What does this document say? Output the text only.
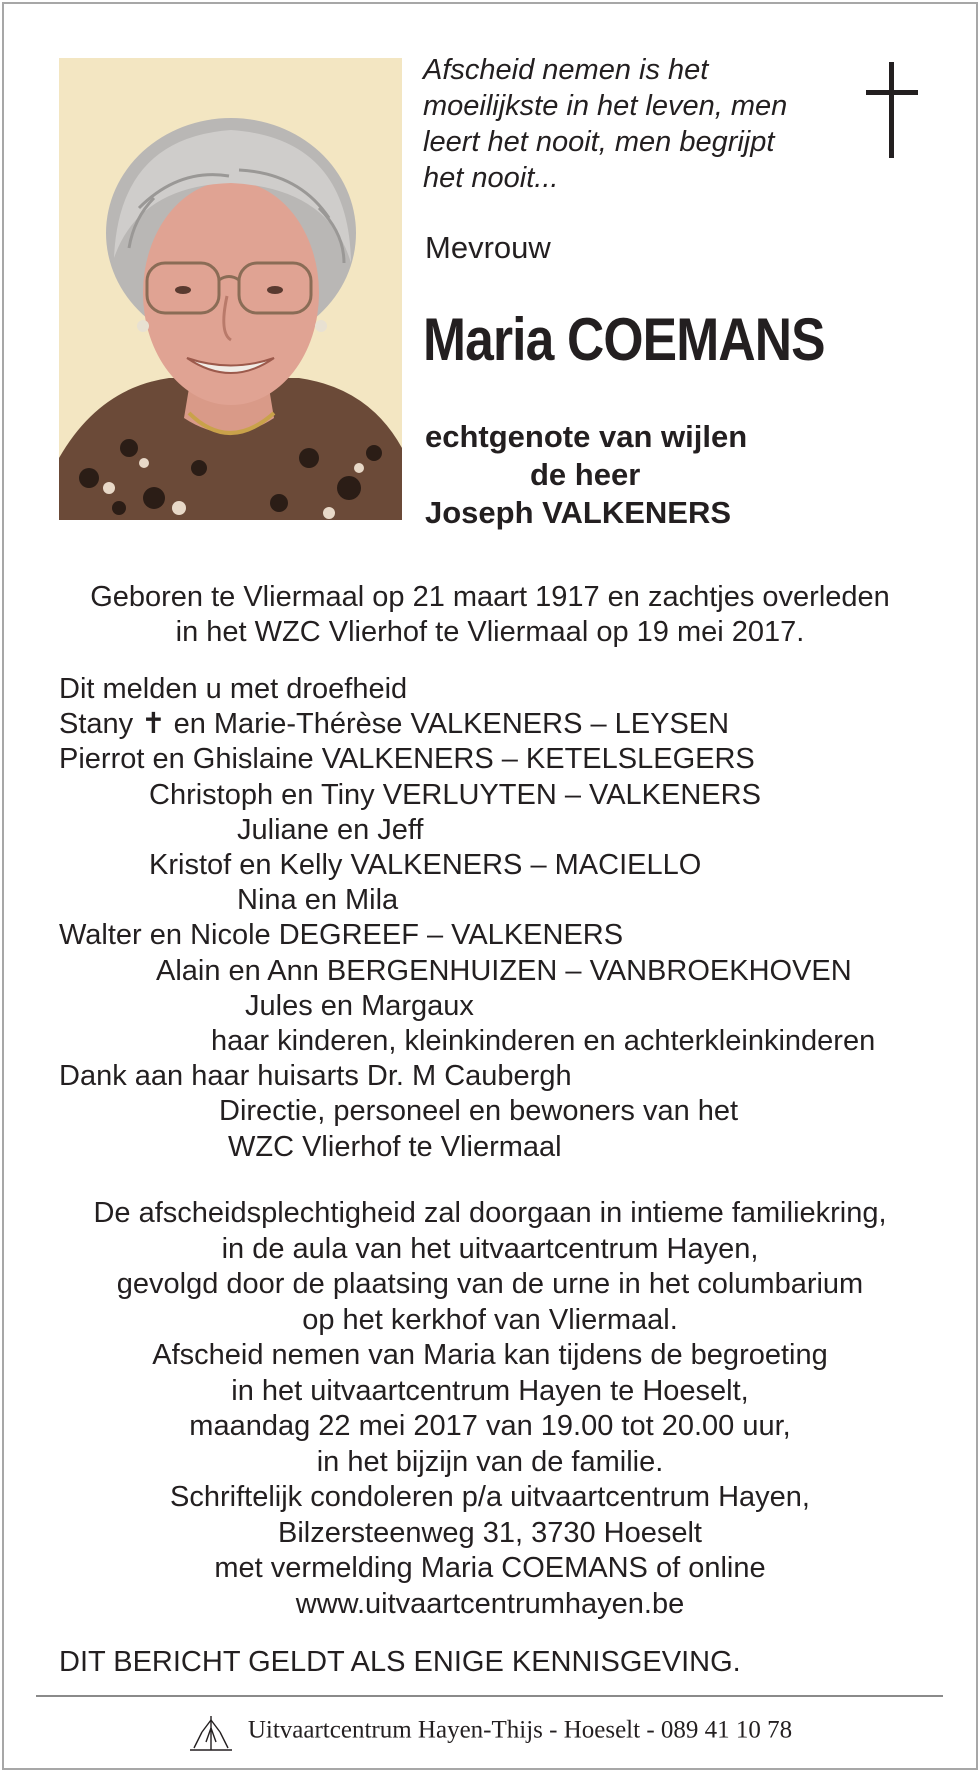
Afscheid nemen is het
moeilijkste in het leven, men
leert het nooit, men begrijpt
het nooit...
Mevrouw
Maria COEMANS
echtgenote van wijlen
de heer
Joseph VALKENERS
Geboren te Vliermaal op 21 maart 1917 en zachtjes overleden
in het WZC Vlierhof te Vliermaal op 19 mei 2017.
Dit melden u met droefheid
Stany ✝ en Marie-Thérèse VALKENERS – LEYSEN
Pierrot en Ghislaine VALKENERS – KETELSLEGERS
Christoph en Tiny VERLUYTEN – VALKENERS
Juliane en Jeff
Kristof en Kelly VALKENERS – MACIELLO
Nina en Mila
Walter en Nicole DEGREEF – VALKENERS
Alain en Ann BERGENHUIZEN – VANBROEKHOVEN
Jules en Margaux
haar kinderen, kleinkinderen en achterkleinkinderen
Dank aan haar huisarts Dr. M Caubergh
Directie, personeel en bewoners van het
WZC Vlierhof te Vliermaal
De afscheidsplechtigheid zal doorgaan in intieme familiekring,
in de aula van het uitvaartcentrum Hayen,
gevolgd door de plaatsing van de urne in het columbarium
op het kerkhof van Vliermaal.
Afscheid nemen van Maria kan tijdens de begroeting
in het uitvaartcentrum Hayen te Hoeselt,
maandag 22 mei 2017 van 19.00 tot 20.00 uur,
in het bijzijn van de familie.
Schriftelijk condoleren p/a uitvaartcentrum Hayen,
Bilzersteenweg 31, 3730 Hoeselt
met vermelding Maria COEMANS of online
www.uitvaartcentrumhayen.be
DIT BERICHT GELDT ALS ENIGE KENNISGEVING.
Uitvaartcentrum Hayen-Thijs - Hoeselt - 089 41 10 78
